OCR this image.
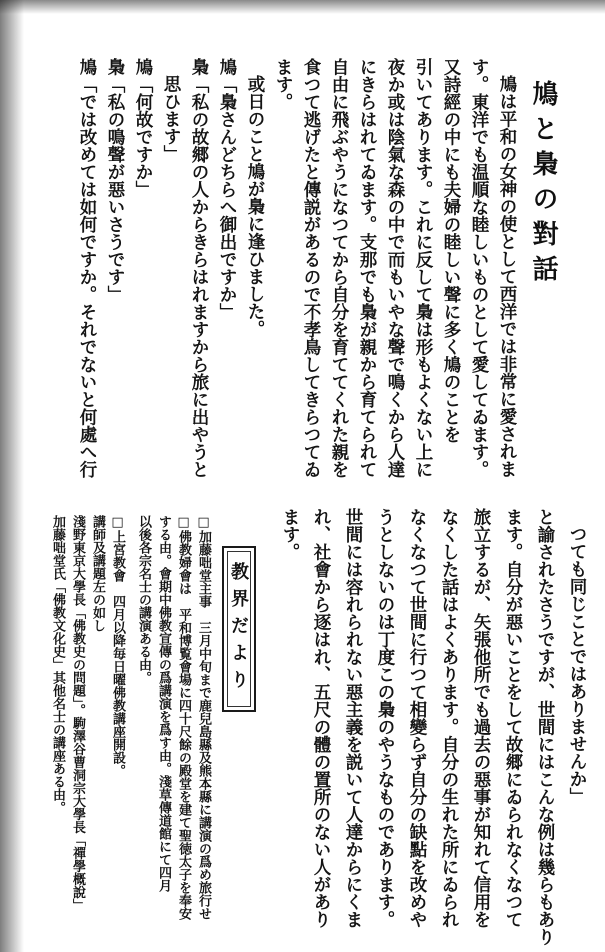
鳩と梟の對話
鳩は平和の女神の使として西洋では非常に愛されま
す。東洋でも温順な睦しいものとして愛してゐます。
又詩經の中にも夫婦の睦しい聲に多く鳩のことを
引いてあります。これに反して梟は形もよくない上に
夜か或は陰氣な森の中で而もいやな聲で鳴くから人達
にきらはれてゐます。支那でも梟が親から育てられて
自由に飛ぶやうになつてから自分を育ててくれた親を
食つて逃げたと傳説があるので不孝鳥してきらつてゐ
ます。
或日のこと鳩が梟に逢ひました。
鳩「梟さんどちらへ御出ですか」
梟「私の故郷の人からきらはれますから旅に出やうと
思ひます」
鳩「何故ですか」
梟「私の鳴聲が惡いさうです」
鳩「では改めては如何ですか。それでないと何處へ行
つても同じことではありませんか」
と諭されたさうですが、世間にはこんな例は幾らもあり
ます。自分が惡いことをして故郷にゐられなくなつて
旅立するが、矢張他所でも過去の惡事が知れて信用を
なくした話はよくあります。自分の生れた所にゐられ
なくなつて世間に行つて相變らず自分の缺點を改めや
うとしないのは丁度この梟のやうなものであります。
世間には容れられない惡主義を説いて人達からにくま
れ、社會から逐はれ、五尺の體の置所のない人があり
ます。
教界だより
□加藤咄堂主事　三月中旬まで鹿兒島縣及熊本縣に講演の爲め旅行せ
□佛教婦會は　平和博覧會場に四十尺餘の殿堂を建て聖徳太子を奉安
する由。會期中佛教宣傳の爲講演を爲す由。淺草傳道館にて四月
以後各宗名士の講演ある由。
□上宮教會　四月以降毎日曜佛教講座開設。
講師及講題左の如し
淺野東京大學長「佛教史の問題」。駒澤谷曹洞宗大學長「禪學概說」
加藤咄堂氏「佛教文化史」其他名士の講座ある由。
